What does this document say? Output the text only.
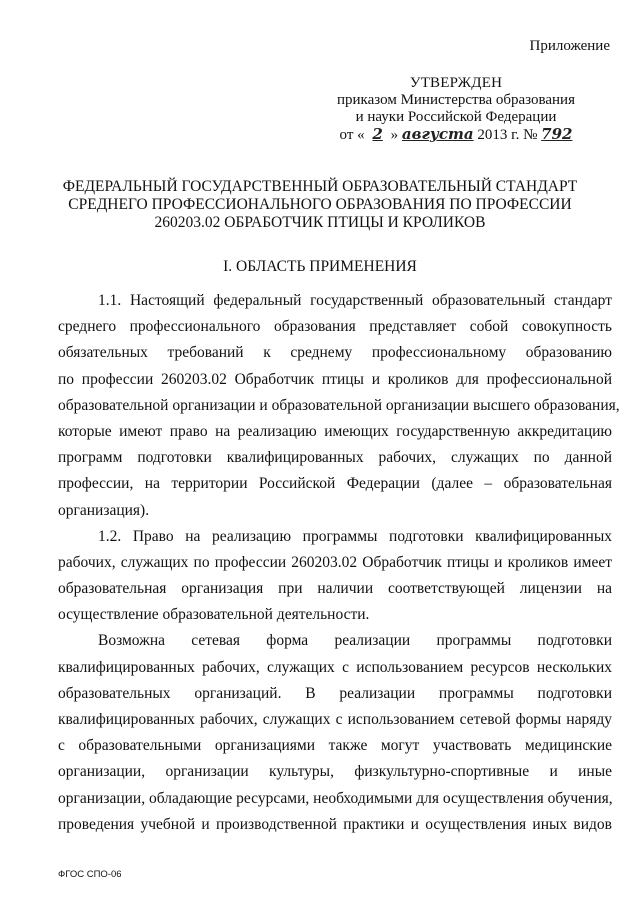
Приложение
УТВЕРЖДЕН
приказом Министерства образования
и науки Российской Федерации
от « 2 » августа 2013 г. № 792
ФЕДЕРАЛЬНЫЙ ГОСУДАРСТВЕННЫЙ ОБРАЗОВАТЕЛЬНЫЙ СТАНДАРТ
СРЕДНЕГО ПРОФЕССИОНАЛЬНОГО ОБРАЗОВАНИЯ ПО ПРОФЕССИИ
260203.02 ОБРАБОТЧИК ПТИЦЫ И КРОЛИКОВ
I. ОБЛАСТЬ ПРИМЕНЕНИЯ
1.1. Настоящий федеральный государственный образовательный стандарт
среднего профессионального образования представляет собой совокупность
обязательных требований к среднему профессиональному образованию
по профессии 260203.02 Обработчик птицы и кроликов для профессиональной
образовательной организации и образовательной организации высшего образования,
которые имеют право на реализацию имеющих государственную аккредитацию
программ подготовки квалифицированных рабочих, служащих по данной
профессии, на территории Российской Федерации (далее – образовательная
организация).
1.2. Право на реализацию программы подготовки квалифицированных
рабочих, служащих по профессии 260203.02 Обработчик птицы и кроликов имеет
образовательная организация при наличии соответствующей лицензии на
осуществление образовательной деятельности.
Возможна сетевая форма реализации программы подготовки
квалифицированных рабочих, служащих с использованием ресурсов нескольких
образовательных организаций. В реализации программы подготовки
квалифицированных рабочих, служащих с использованием сетевой формы наряду
с образовательными организациями также могут участвовать медицинские
организации, организации культуры, физкультурно-спортивные и иные
организации, обладающие ресурсами, необходимыми для осуществления обучения,
проведения учебной и производственной практики и осуществления иных видов
ФГОС СПО-06
